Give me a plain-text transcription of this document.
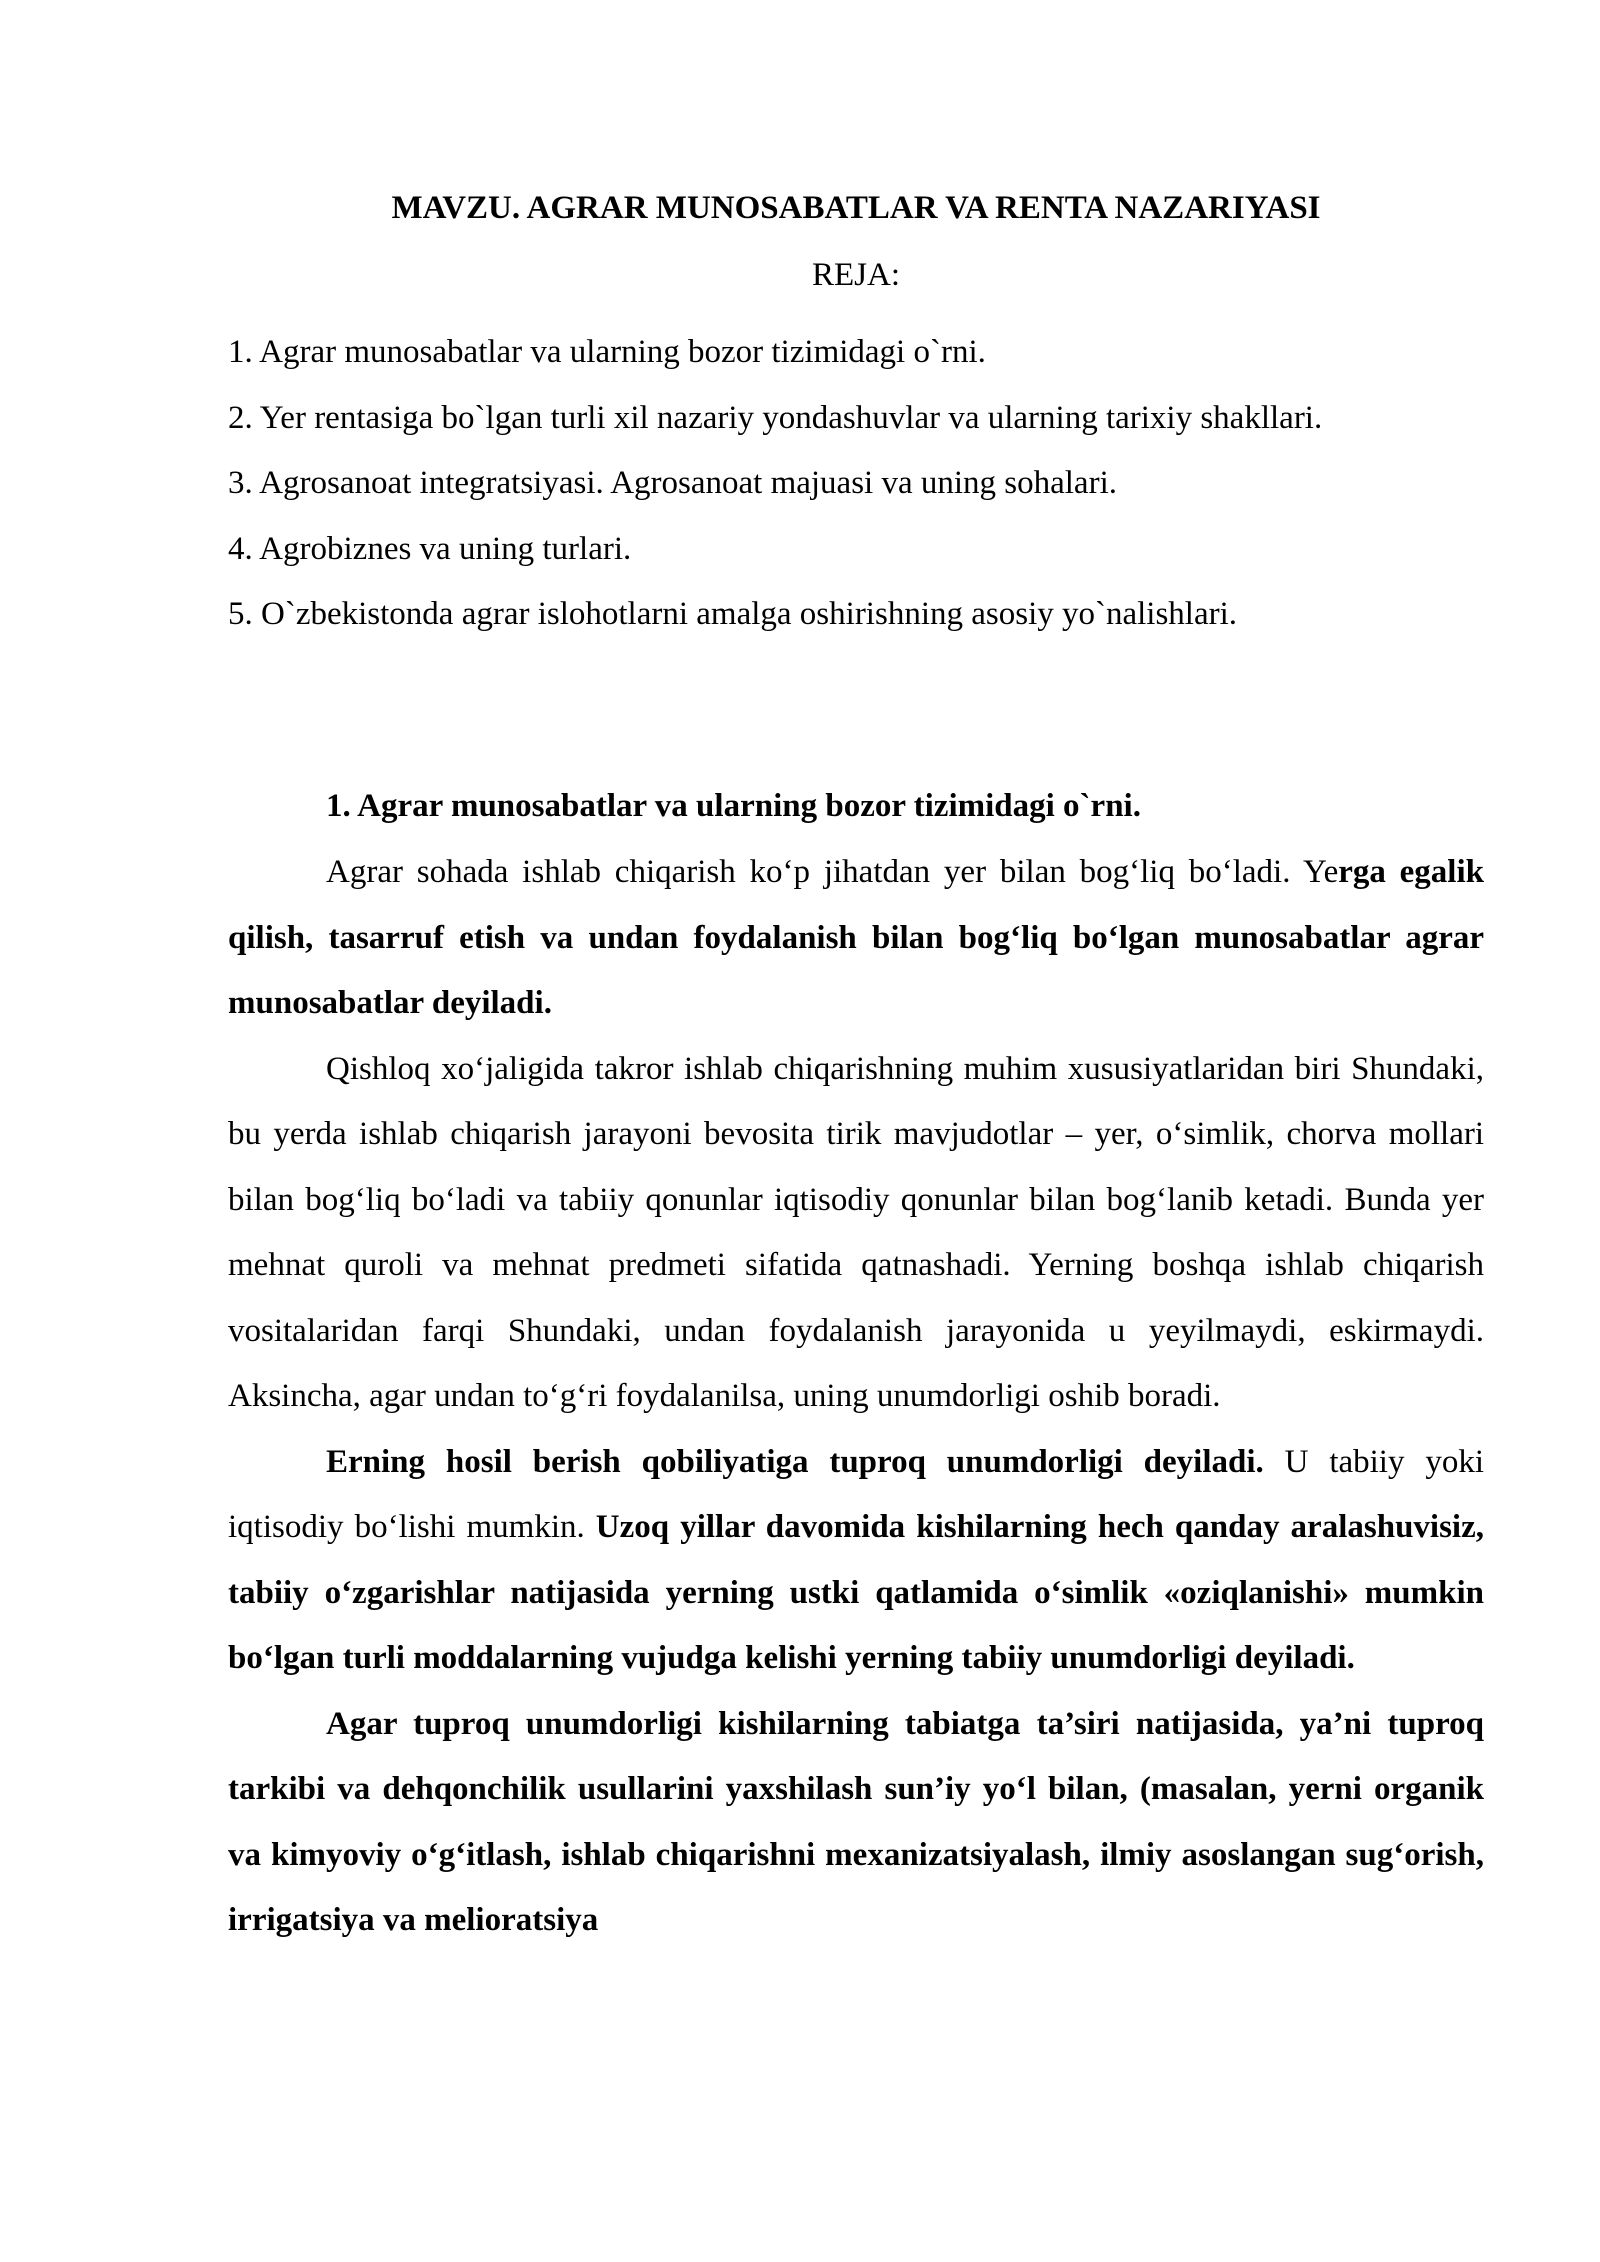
MAVZU. AGRAR MUNOSABATLAR VA RENTA NAZARIYASI
REJA:
1. Agrar munosabatlar va ularning bozor tizimidagi o`rni.
2. Yer rentasiga bo`lgan turli xil nazariy yondashuvlar va ularning tarixiy shakllari.
3. Agrosanoat integratsiyasi. Agrosanoat majuasi va uning sohalari.
4. Agrobiznes va uning turlari.
5. O`zbekistonda agrar islohotlarni amalga oshirishning asosiy yo`nalishlari.
1. Agrar munosabatlar va ularning bozor tizimidagi o`rni.

Agrar sohada ishlab chiqarish ko‘p jihatdan yer bilan bog‘liq bo‘ladi. Yerga egalik qilish, tasarruf etish va undan foydalanish bilan bog‘liq bo‘lgan munosabatlar agrar munosabatlar deyiladi.

Qishloq xo‘jaligida takror ishlab chiqarishning muhim xususiyatlaridan biri Shundaki, bu yerda ishlab chiqarish jarayoni bevosita tirik mavjudotlar – yer, o‘simlik, chorva mollari bilan bog‘liq bo‘ladi va tabiiy qonunlar iqtisodiy qonunlar bilan bog‘lanib ketadi. Bunda yer mehnat quroli va mehnat predmeti sifatida qatnashadi. Yerning boshqa ishlab chiqarish vositalaridan farqi Shundaki, undan foydalanish jarayonida u yeyilmaydi, eskirmaydi. Aksincha, agar undan to‘g‘ri foydalanilsa, uning unumdorligi oshib boradi.

Erning hosil berish qobiliyatiga tuproq unumdorligi deyiladi. U tabiiy yoki iqtisodiy bo‘lishi mumkin. Uzoq yillar davomida kishilarning hech qanday aralashuvisiz, tabiiy o‘zgarishlar natijasida yerning ustki qatlamida o‘simlik «oziqlanishi» mumkin bo‘lgan turli moddalarning vujudga kelishi yerning tabiiy unumdorligi deyiladi.

Agar tuproq unumdorligi kishilarning tabiatga ta’siri natijasida, ya’ni tuproq tarkibi va dehqonchilik usullarini yaxshilash sun’iy yo‘l bilan, (masalan, yerni organik va kimyoviy o‘g‘itlash, ishlab chiqarishni mexanizatsiyalash, ilmiy asoslangan sug‘orish, irrigatsiya va melioratsiya
